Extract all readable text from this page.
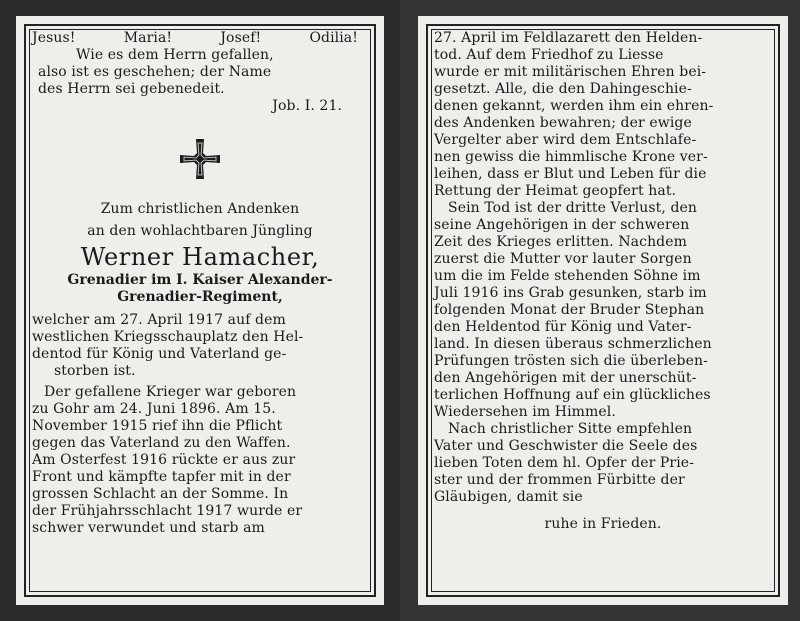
Jesus!	Maria!	Josef!	Odilia!
Wie es dem Herrn gefallen,
also ist es geschehen; der Name
des Herrn sei gebenedeit.
Job. I. 21.
Zum christlichen Andenken
an den wohlachtbaren Jüngling
Werner Hamacher,
Grenadier im I. Kaiser Alexander-
Grenadier-Regiment,
welcher am 27. April 1917 auf dem
westlichen Kriegsschauplatz den Hel-
dentod für König und Vaterland ge-
storben ist.
Der gefallene Krieger war geboren
zu Gohr am 24. Juni 1896. Am 15.
November 1915 rief ihn die Pflicht
gegen das Vaterland zu den Waffen.
Am Osterfest 1916 rückte er aus zur
Front und kämpfte tapfer mit in der
grossen Schlacht an der Somme. In
der Frühjahrsschlacht 1917 wurde er
schwer verwundet und starb am
27. April im Feldlazarett den Helden-
tod. Auf dem Friedhof zu Liesse
wurde er mit militärischen Ehren bei-
gesetzt. Alle, die den Dahingeschie-
denen gekannt, werden ihm ein ehren-
des Andenken bewahren; der ewige
Vergelter aber wird dem Entschlafe-
nen gewiss die himmlische Krone ver-
leihen, dass er Blut und Leben für die
Rettung der Heimat geopfert hat.
Sein Tod ist der dritte Verlust, den
seine Angehörigen in der schweren
Zeit des Krieges erlitten. Nachdem
zuerst die Mutter vor lauter Sorgen
um die im Felde stehenden Söhne im
Juli 1916 ins Grab gesunken, starb im
folgenden Monat der Bruder Stephan
den Heldentod für König und Vater-
land. In diesen überaus schmerzlichen
Prüfungen trösten sich die überleben-
den Angehörigen mit der unerschüt-
terlichen Hoffnung auf ein glückliches
Wiedersehen im Himmel.
Nach christlicher Sitte empfehlen
Vater und Geschwister die Seele des
lieben Toten dem hl. Opfer der Prie-
ster und der frommen Fürbitte der
Gläubigen, damit sie
ruhe in Frieden.
